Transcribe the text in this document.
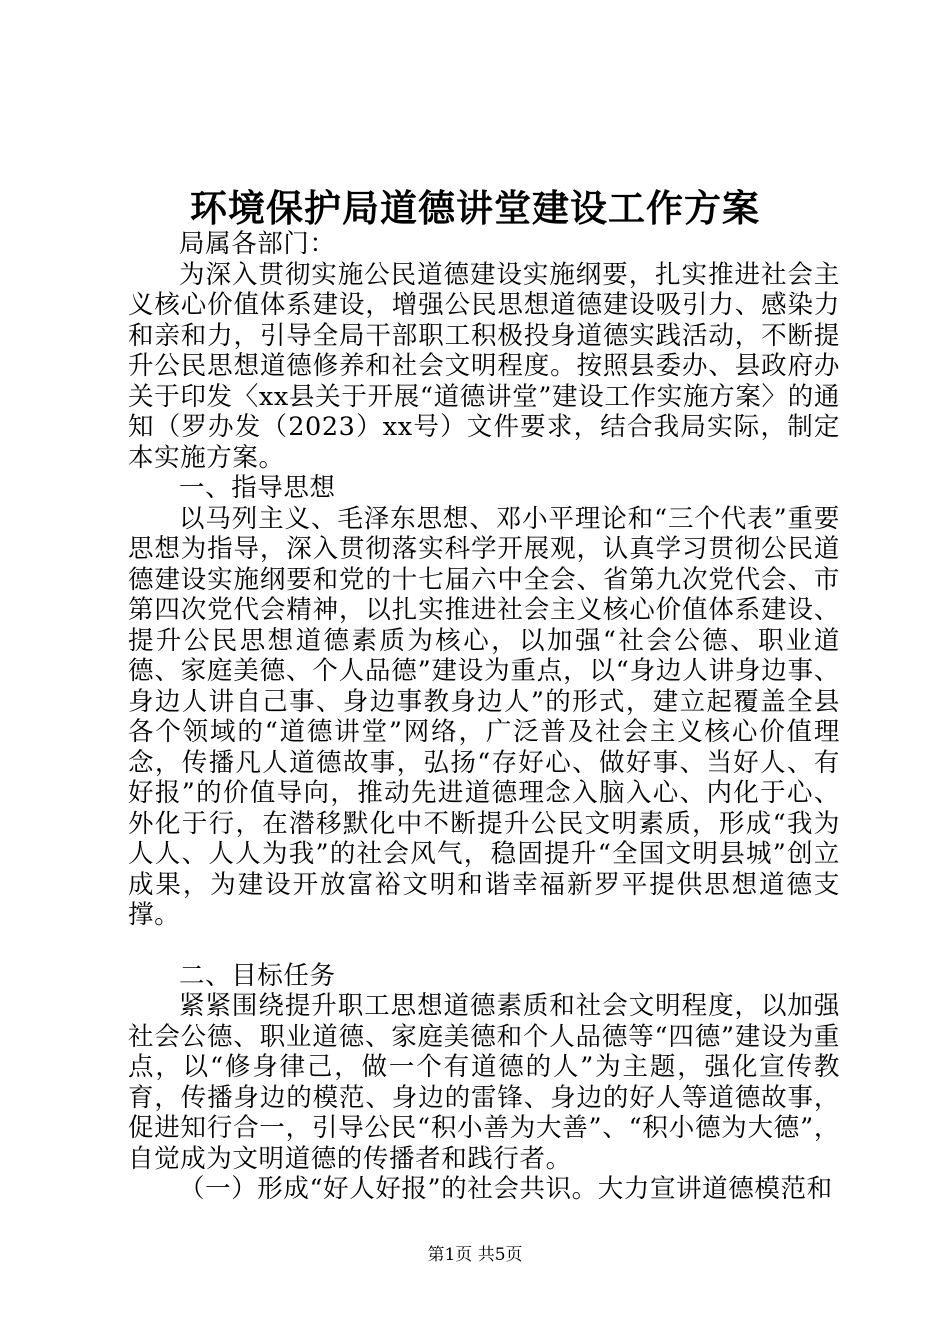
环境保护局道德讲堂建设工作方案

局属各部门：

为深入贯彻实施公民道德建设实施纲要，扎实推进社会主义核心价值体系建设，增强公民思想道德建设吸引力、感染力和亲和力，引导全局干部职工积极投身道德实践活动，不断提升公民思想道德修养和社会文明程度。按照县委办、县政府办关于印发〈xx县关于开展“道德讲堂”建设工作实施方案〉的通知（罗办发（2023）xx号）文件要求，结合我局实际，制定本实施方案。

一、指导思想

以马列主义、毛泽东思想、邓小平理论和“三个代表”重要思想为指导，深入贯彻落实科学开展观，认真学习贯彻公民道德建设实施纲要和党的十七届六中全会、省第九次党代会、市第四次党代会精神，以扎实推进社会主义核心价值体系建设、提升公民思想道德素质为核心，以加强“社会公德、职业道德、家庭美德、个人品德”建设为重点，以“身边人讲身边事、身边人讲自己事、身边事教身边人”的形式，建立起覆盖全县各个领域的“道德讲堂”网络，广泛普及社会主义核心价值理念，传播凡人道德故事，弘扬“存好心、做好事、当好人、有好报”的价值导向，推动先进道德理念入脑入心、内化于心、外化于行，在潜移默化中不断提升公民文明素质，形成“我为人人、人人为我”的社会风气，稳固提升“全国文明县城”创立成果，为建设开放富裕文明和谐幸福新罗平提供思想道德支撑。

二、目标任务

紧紧围绕提升职工思想道德素质和社会文明程度，以加强社会公德、职业道德、家庭美德和个人品德等“四德”建设为重点，以“修身律己，做一个有道德的人”为主题，强化宣传教育，传播身边的模范、身边的雷锋、身边的好人等道德故事，促进知行合一，引导公民“积小善为大善”、“积小德为大德”，自觉成为文明道德的传播者和践行者。

（一）形成“好人好报”的社会共识。大力宣讲道德模范和

第1页 共5页
